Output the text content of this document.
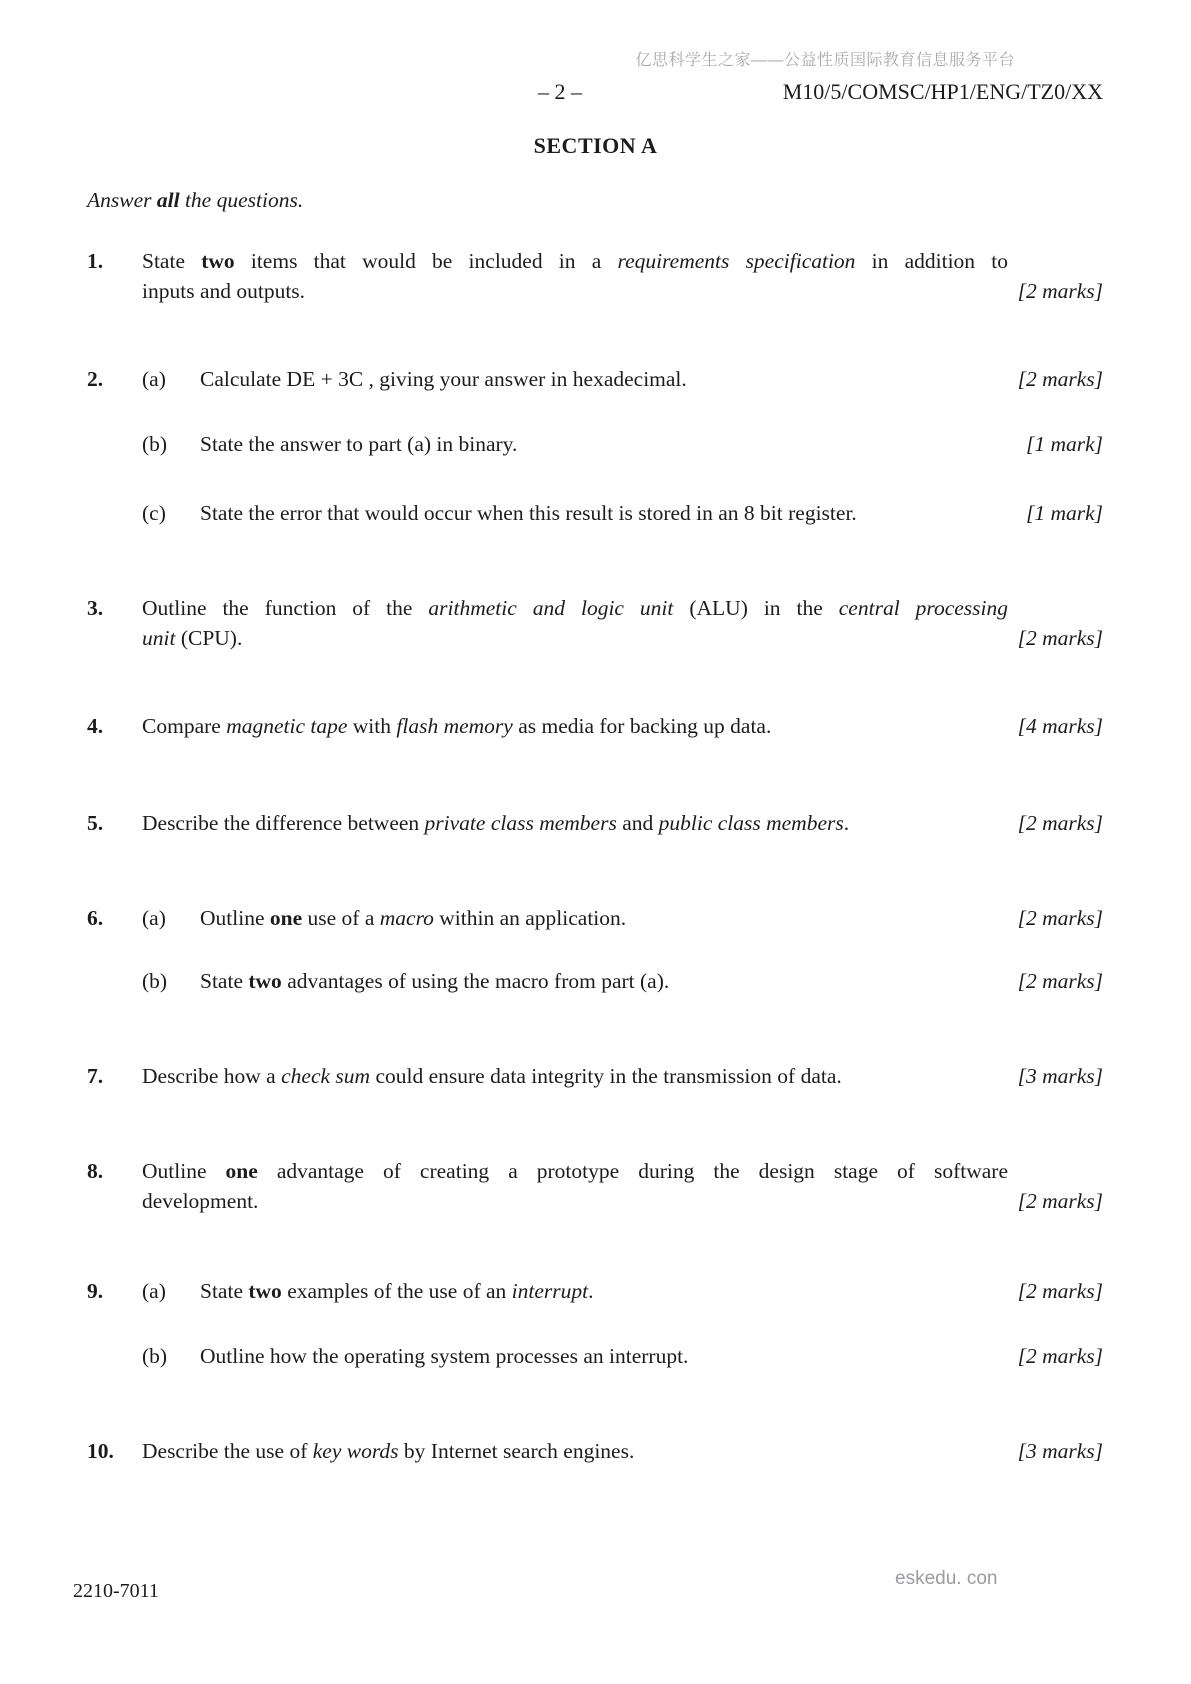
亿思科学生之家——公益性质国际教育信息服务平台
– 2 –	M10/5/COMSC/HP1/ENG/TZ0/XX
SECTION A
Answer all the questions.
1.	State two items that would be included in a requirements specification in addition to
inputs and outputs.	[2 marks]
2.	(a)	Calculate DE + 3C , giving your answer in hexadecimal.	[2 marks]
(b)	State the answer to part (a) in binary.	[1 mark]
(c)	State the error that would occur when this result is stored in an 8 bit register.	[1 mark]
3.	Outline the function of the arithmetic and logic unit (ALU) in the central processing
unit (CPU).	[2 marks]
4.	Compare magnetic tape with flash memory as media for backing up data.	[4 marks]
5.	Describe the difference between private class members and public class members.	[2 marks]
6.	(a)	Outline one use of a macro within an application.	[2 marks]
(b)	State two advantages of using the macro from part (a).	[2 marks]
7.	Describe how a check sum could ensure data integrity in the transmission of data.	[3 marks]
8.	Outline one advantage of creating a prototype during the design stage of software
development.	[2 marks]
9.	(a)	State two examples of the use of an interrupt.	[2 marks]
(b)	Outline how the operating system processes an interrupt.	[2 marks]
10.	Describe the use of key words by Internet search engines.	[3 marks]
2210-7011
eskedu. con
